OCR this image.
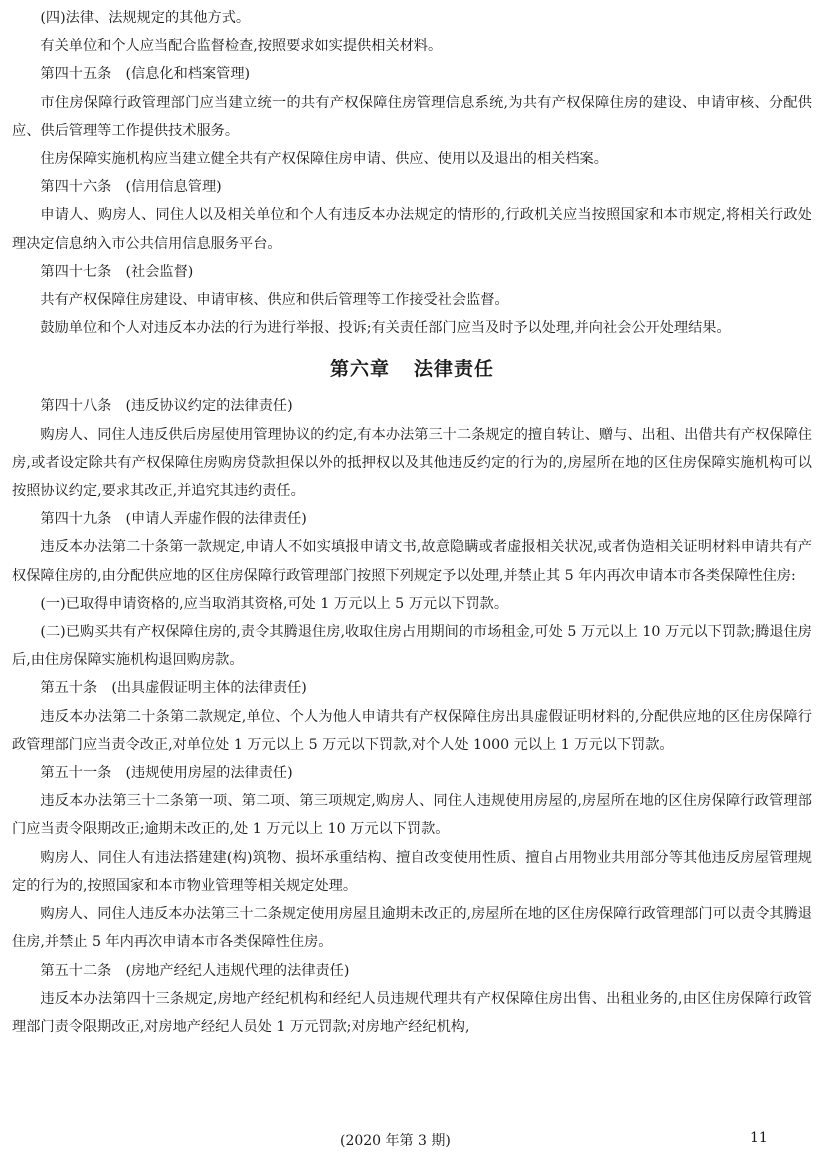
(四)法律、法规规定的其他方式。

有关单位和个人应当配合监督检查,按照要求如实提供相关材料。

第四十五条　(信息化和档案管理)

市住房保障行政管理部门应当建立统一的共有产权保障住房管理信息系统,为共有产权保障住房的建设、申请审核、分配供应、供后管理等工作提供技术服务。

住房保障实施机构应当建立健全共有产权保障住房申请、供应、使用以及退出的相关档案。

第四十六条　(信用信息管理)

申请人、购房人、同住人以及相关单位和个人有违反本办法规定的情形的,行政机关应当按照国家和本市规定,将相关行政处理决定信息纳入市公共信用信息服务平台。

第四十七条　(社会监督)

共有产权保障住房建设、申请审核、供应和供后管理等工作接受社会监督。

鼓励单位和个人对违反本办法的行为进行举报、投诉;有关责任部门应当及时予以处理,并向社会公开处理结果。

第六章 法律责任

第四十八条　(违反协议约定的法律责任)

购房人、同住人违反供后房屋使用管理协议的约定,有本办法第三十二条规定的擅自转让、赠与、出租、出借共有产权保障住房,或者设定除共有产权保障住房购房贷款担保以外的抵押权以及其他违反约定的行为的,房屋所在地的区住房保障实施机构可以按照协议约定,要求其改正,并追究其违约责任。

第四十九条　(申请人弄虚作假的法律责任)

违反本办法第二十条第一款规定,申请人不如实填报申请文书,故意隐瞒或者虚报相关状况,或者伪造相关证明材料申请共有产权保障住房的,由分配供应地的区住房保障行政管理部门按照下列规定予以处理,并禁止其 5 年内再次申请本市各类保障性住房:

(一)已取得申请资格的,应当取消其资格,可处 1 万元以上 5 万元以下罚款。

(二)已购买共有产权保障住房的,责令其腾退住房,收取住房占用期间的市场租金,可处 5 万元以上 10 万元以下罚款;腾退住房后,由住房保障实施机构退回购房款。

第五十条　(出具虚假证明主体的法律责任)

违反本办法第二十条第二款规定,单位、个人为他人申请共有产权保障住房出具虚假证明材料的,分配供应地的区住房保障行政管理部门应当责令改正,对单位处 1 万元以上 5 万元以下罚款,对个人处 1000 元以上 1 万元以下罚款。

第五十一条　(违规使用房屋的法律责任)

违反本办法第三十二条第一项、第二项、第三项规定,购房人、同住人违规使用房屋的,房屋所在地的区住房保障行政管理部门应当责令限期改正;逾期未改正的,处 1 万元以上 10 万元以下罚款。

购房人、同住人有违法搭建建(构)筑物、损坏承重结构、擅自改变使用性质、擅自占用物业共用部分等其他违反房屋管理规定的行为的,按照国家和本市物业管理等相关规定处理。

购房人、同住人违反本办法第三十二条规定使用房屋且逾期未改正的,房屋所在地的区住房保障行政管理部门可以责令其腾退住房,并禁止 5 年内再次申请本市各类保障性住房。

第五十二条　(房地产经纪人违规代理的法律责任)

违反本办法第四十三条规定,房地产经纪机构和经纪人员违规代理共有产权保障住房出售、出租业务的,由区住房保障行政管理部门责令限期改正,对房地产经纪人员处 1 万元罚款;对房地产经纪机构,

(2020 年第 3 期)	11
